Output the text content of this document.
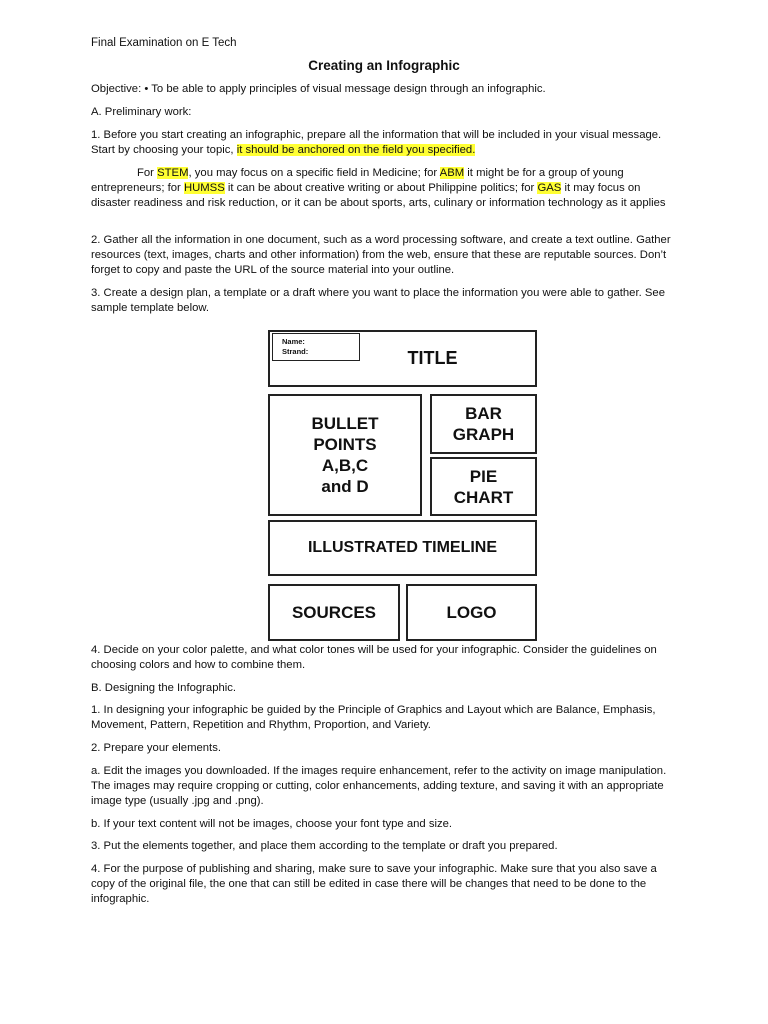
Final Examination on E Tech
Creating an Infographic

Objective: • To be able to apply principles of visual message design through an infographic.

A. Preliminary work:

1. Before you start creating an infographic, prepare all the information that will be included in your visual message. Start by choosing your topic, it should be anchored on the field you specified.

For STEM, you may focus on a specific field in Medicine; for ABM it might be for a group of young entrepreneurs; for HUMSS it can be about creative writing or about Philippine politics; for GAS it may focus on disaster readiness and risk reduction, or it can be about sports, arts, culinary or information technology as it applies

2. Gather all the information in one document, such as a word processing software, and create a text outline. Gather resources (text, images, charts and other information) from the web, ensure that these are reputable sources. Don’t forget to copy and paste the URL of the source material into your outline.
3. Create a design plan, a template or a draft where you want to place the information you were able to gather. See sample template below.
TITLE
Name:
Strand:
BULLET
POINTS
A,B,C
and D
BAR
GRAPH
PIE
CHART
ILLUSTRATED TIMELINE
SOURCES	LOGO
4. Decide on your color palette, and what color tones will be used for your infographic. Consider the guidelines on choosing colors and how to combine them.
B. Designing the Infographic.
1. In designing your infographic be guided by the Principle of Graphics and Layout which are Balance, Emphasis, Movement, Pattern, Repetition and Rhythm, Proportion, and Variety.
2. Prepare your elements.
a. Edit the images you downloaded. If the images require enhancement, refer to the activity on image manipulation. The images may require cropping or cutting, color enhancements, adding texture, and saving it with an appropriate image type (usually .jpg and .png).
b. If your text content will not be images, choose your font type and size.
3. Put the elements together, and place them according to the template or draft you prepared.
4. For the purpose of publishing and sharing, make sure to save your infographic. Make sure that you also save a copy of the original file, the one that can still be edited in case there will be changes that need to be done to the infographic.
